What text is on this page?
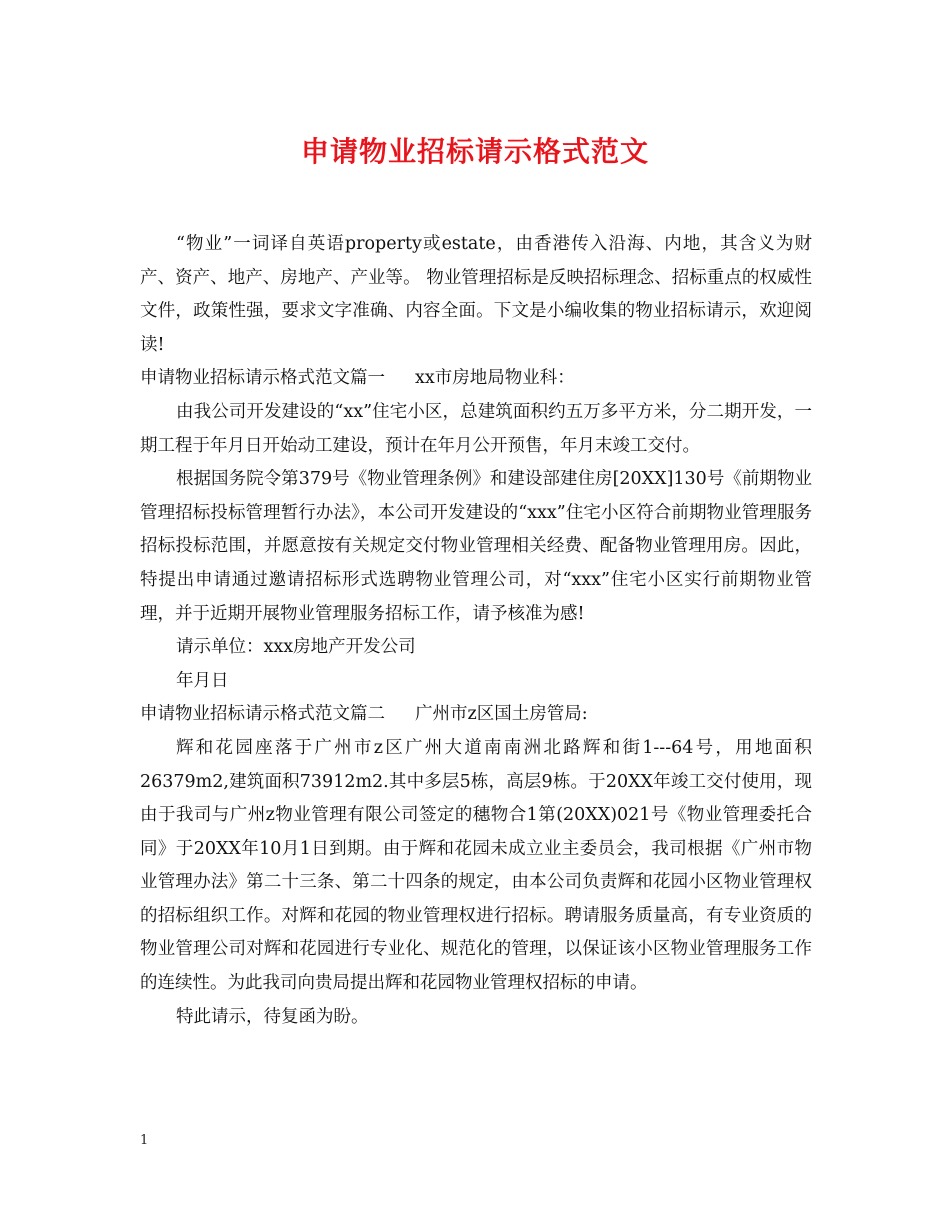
申请物业招标请示格式范文

“物业”一词译自英语property或estate，由香港传入沿海、内地，其含义为财产、资产、地产、房地产、产业等。 物业管理招标是反映招标理念、招标重点的权威性文件，政策性强，要求文字准确、内容全面。下文是小编收集的物业招标请示，欢迎阅读!

申请物业招标请示格式范文篇一 xx市房地局物业科：

由我公司开发建设的“xx”住宅小区，总建筑面积约五万多平方米，分二期开发，一期工程于年月日开始动工建设，预计在年月公开预售，年月末竣工交付。

根据国务院令第379号《物业管理条例》和建设部建住房[20XX]130号《前期物业管理招标投标管理暂行办法》，本公司开发建设的“xxx”住宅小区符合前期物业管理服务招标投标范围，并愿意按有关规定交付物业管理相关经费、配备物业管理用房。因此，特提出申请通过邀请招标形式选聘物业管理公司，对“xxx”住宅小区实行前期物业管理，并于近期开展物业管理服务招标工作，请予核准为感!

请示单位：xxx房地产开发公司

年月日

申请物业招标请示格式范文篇二 广州市z区国土房管局:

辉和花园座落于广州市z区广州大道南南洲北路辉和街1---64号，用地面积26379m2,建筑面积73912m2.其中多层5栋，高层9栋。于20XX年竣工交付使用，现由于我司与广州z物业管理有限公司签定的穗物合1第(20XX)021号《物业管理委托合同》于20XX年10月1日到期。由于辉和花园未成立业主委员会，我司根据《广州市物业管理办法》第二十三条、第二十四条的规定，由本公司负责辉和花园小区物业管理权的招标组织工作。对辉和花园的物业管理权进行招标。聘请服务质量高，有专业资质的物业管理公司对辉和花园进行专业化、规范化的管理，以保证该小区物业管理服务工作的连续性。为此我司向贵局提出辉和花园物业管理权招标的申请。

特此请示，待复函为盼。

1
